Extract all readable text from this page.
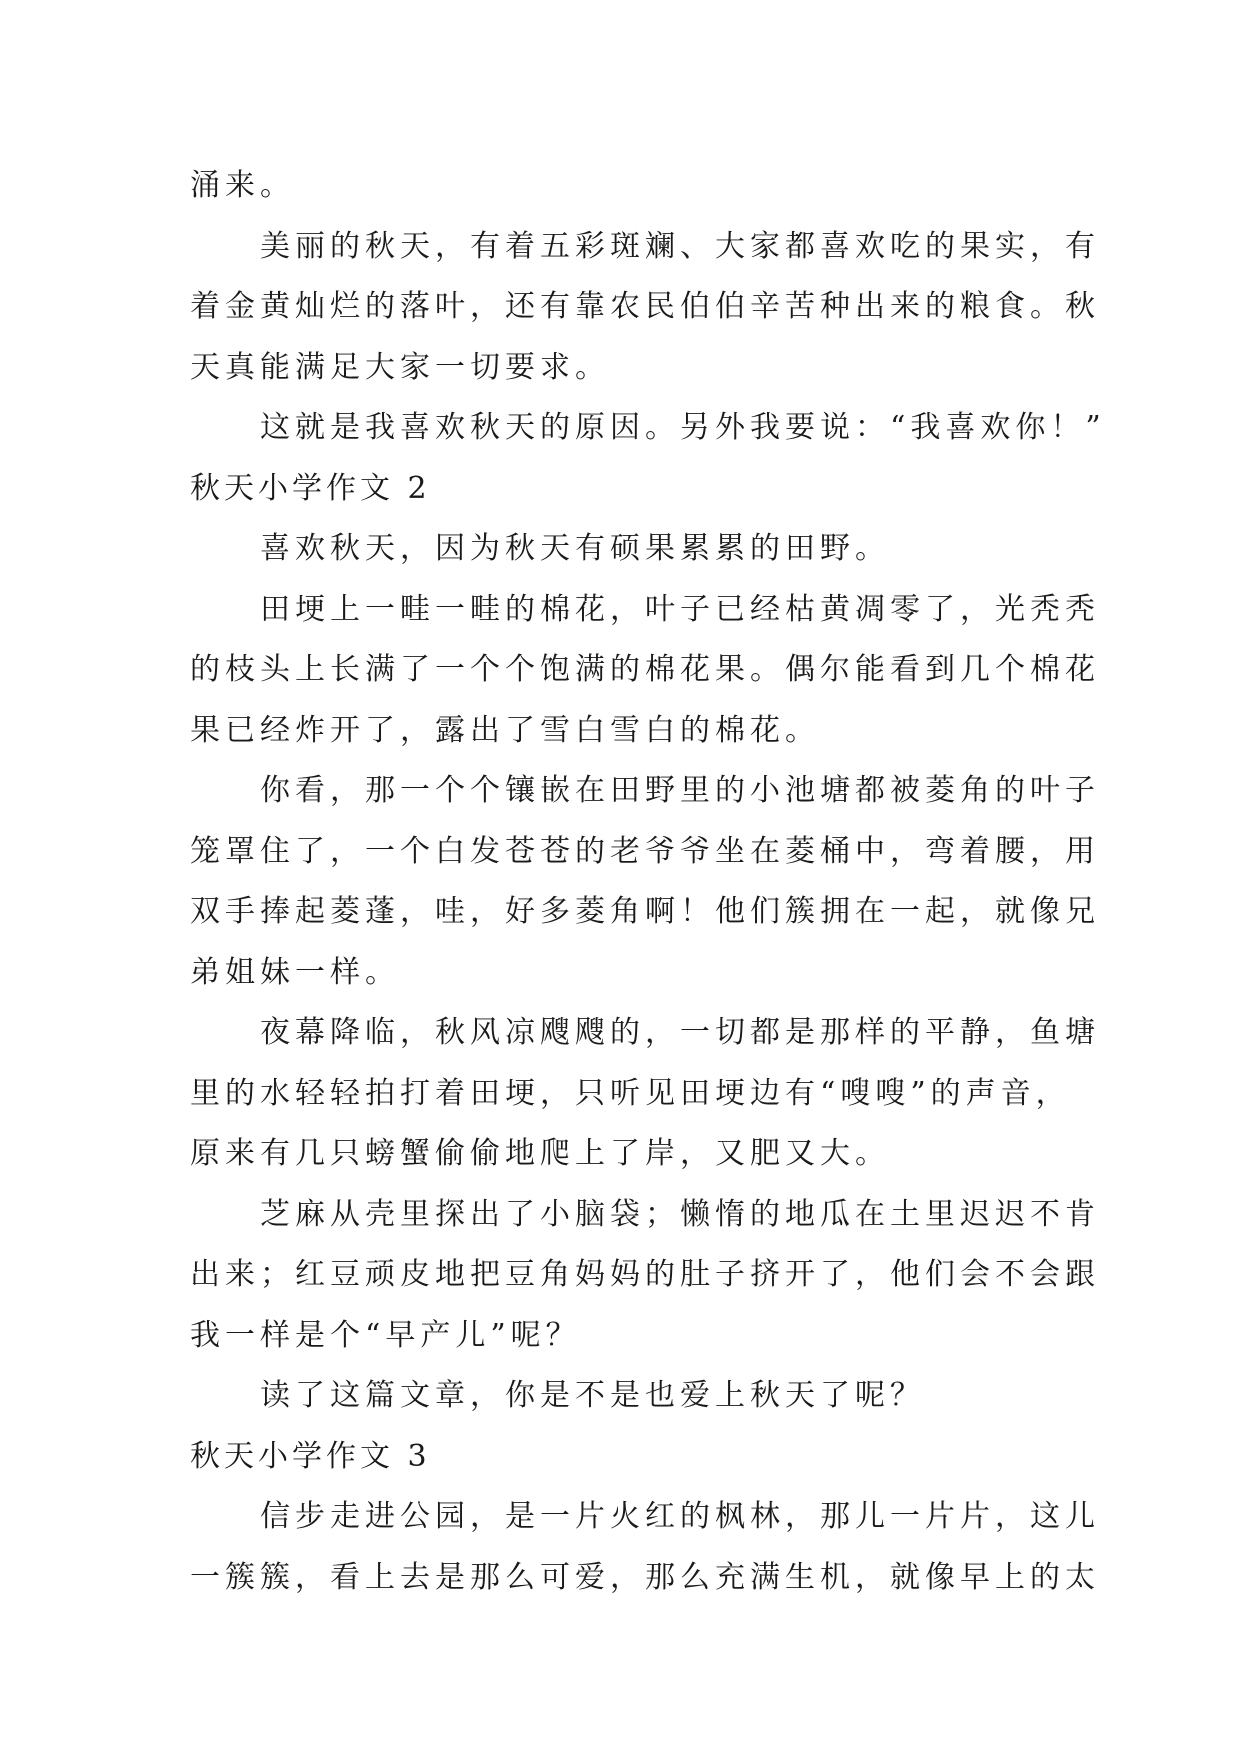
涌来。
美丽的秋天，有着五彩斑斓、大家都喜欢吃的果实，有
着金黄灿烂的落叶，还有靠农民伯伯辛苦种出来的粮食。秋
天真能满足大家一切要求。
这就是我喜欢秋天的原因。另外我要说：“我喜欢你！”
秋天小学作文 2
喜欢秋天，因为秋天有硕果累累的田野。
田埂上一畦一畦的棉花，叶子已经枯黄凋零了，光秃秃
的枝头上长满了一个个饱满的棉花果。偶尔能看到几个棉花
果已经炸开了，露出了雪白雪白的棉花。
你看，那一个个镶嵌在田野里的小池塘都被菱角的叶子
笼罩住了，一个白发苍苍的老爷爷坐在菱桶中，弯着腰，用
双手捧起菱蓬，哇，好多菱角啊！他们簇拥在一起，就像兄
弟姐妹一样。
夜幕降临，秋风凉飕飕的，一切都是那样的平静，鱼塘
里的水轻轻拍打着田埂，只听见田埂边有“嗖嗖”的声音，
原来有几只螃蟹偷偷地爬上了岸，又肥又大。
芝麻从壳里探出了小脑袋；懒惰的地瓜在土里迟迟不肯
出来；红豆顽皮地把豆角妈妈的肚子挤开了，他们会不会跟
我一样是个“早产儿”呢？
读了这篇文章，你是不是也爱上秋天了呢？
秋天小学作文 3
信步走进公园，是一片火红的枫林，那儿一片片，这儿
一簇簇，看上去是那么可爱，那么充满生机，就像早上的太
